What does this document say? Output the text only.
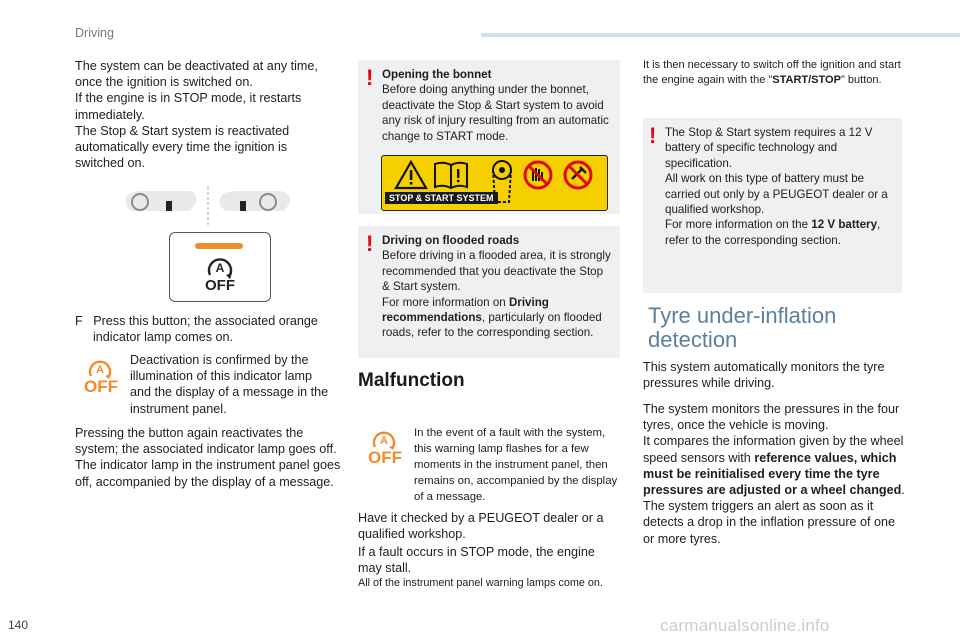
Driving

The system can be deactivated at any time, once the ignition is switched on.

If the engine is in STOP mode, it restarts immediately.

The Stop & Start system is reactivated automatically every time the ignition is switched on.

A
OFF

F Press this button; the associated orange indicator lamp comes on.

A
OFF
Deactivation is confirmed by the illumination of this indicator lamp and the display of a message in the instrument panel.
Pressing the button again reactivates the system; the associated indicator lamp goes off. The indicator lamp in the instrument panel goes off, accompanied by the display of a message.
! Opening the bonnet

Before doing anything under the bonnet, deactivate the Stop & Start system to avoid any risk of injury resulting from an automatic change to START mode.

STOP & START SYSTEM
! Driving on flooded roads

Before driving in a flooded area, it is strongly recommended that you deactivate the Stop & Start system.

For more information on Driving recommendations, particularly on flooded roads, refer to the corresponding section.

Malfunction
A
OFF
In the event of a fault with the system, this warning lamp flashes for a few moments in the instrument panel, then remains on, accompanied by the display of a message.
Have it checked by a PEUGEOT dealer or a qualified workshop.
If a fault occurs in STOP mode, the engine may stall.
All of the instrument panel warning lamps come on.
It is then necessary to switch off the ignition and start the engine again with the "START/STOP" button.
! The Stop & Start system requires a 12 V battery of specific technology and specification.

All work on this type of battery must be carried out only by a PEUGEOT dealer or a qualified workshop.

For more information on the 12 V battery, refer to the corresponding section.

Tyre under-inflation detection
This system automatically monitors the tyre pressures while driving.

The system monitors the pressures in the four tyres, once the vehicle is moving.

It compares the information given by the wheel speed sensors with reference values, which must be reinitialised every time the tyre pressures are adjusted or a wheel changed.

The system triggers an alert as soon as it detects a drop in the inflation pressure of one or more tyres.

140	carmanualsonline.info
